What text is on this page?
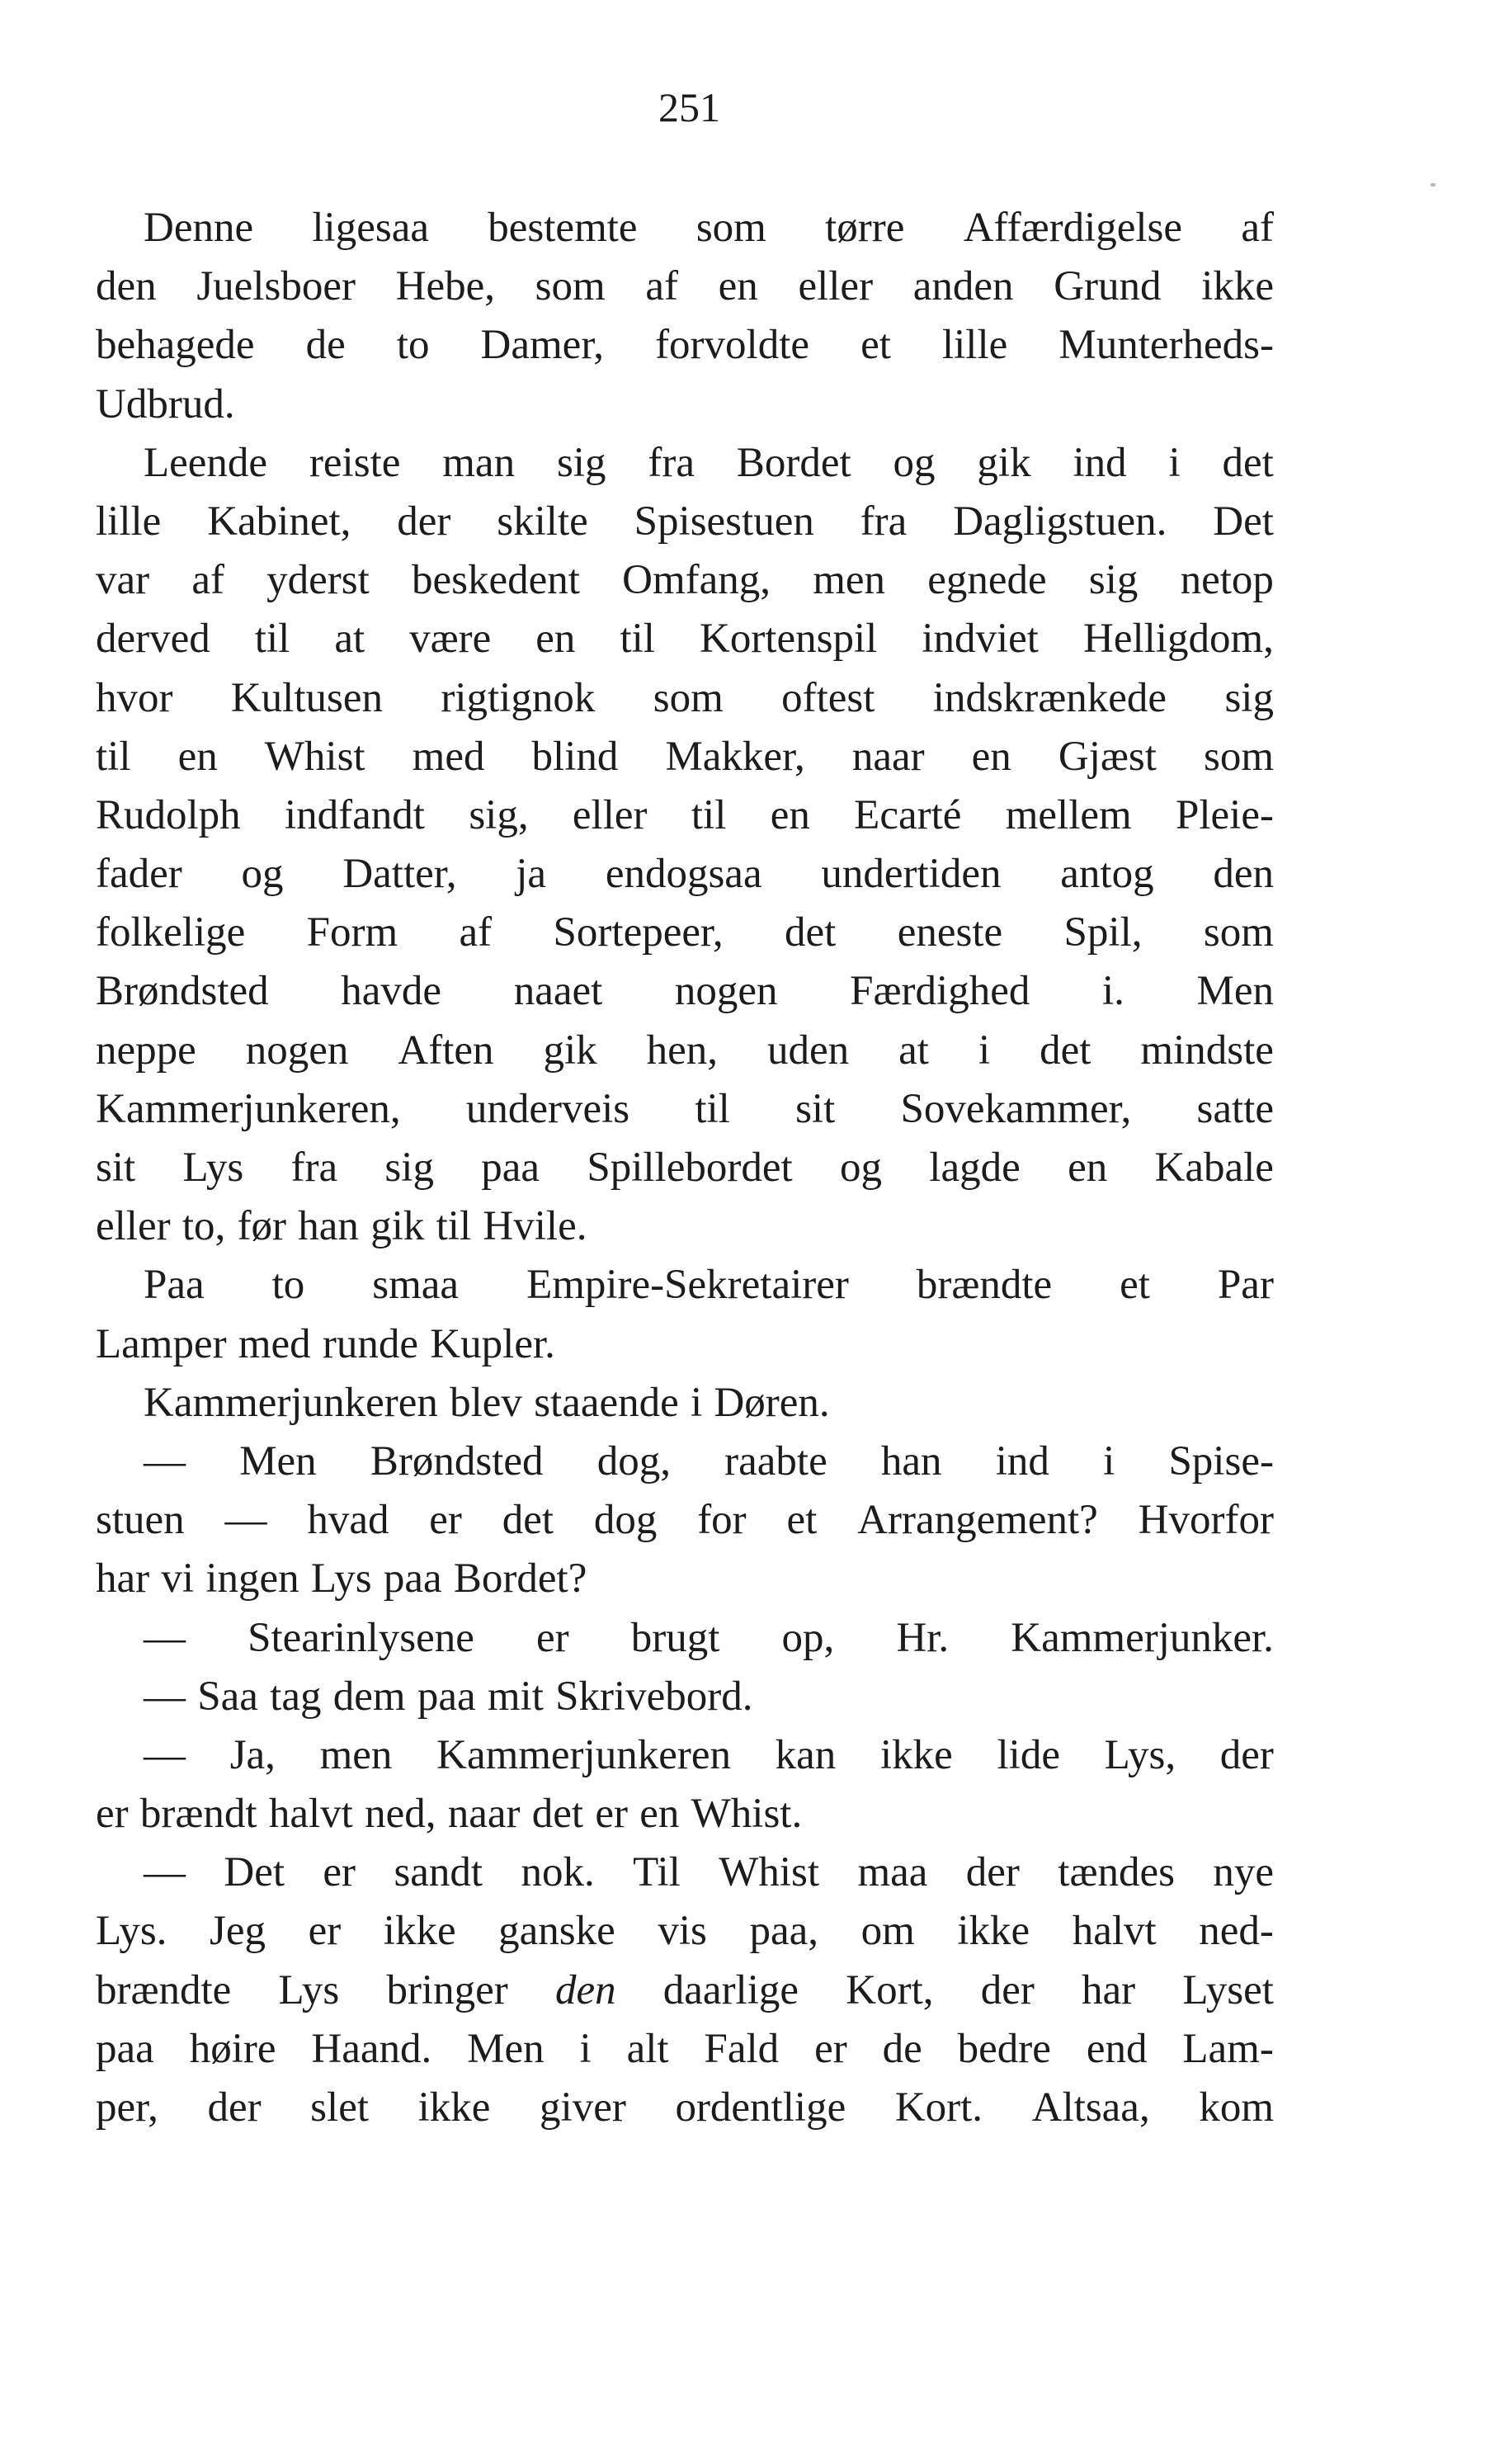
251
Denne ligesaa bestemte som tørre Affærdigelse af
den Juelsboer Hebe, som af en eller anden Grund ikke
behagede de to Damer, forvoldte et lille Munterheds-
Udbrud.
Leende reiste man sig fra Bordet og gik ind i det
lille Kabinet, der skilte Spisestuen fra Dagligstuen. Det
var af yderst beskedent Omfang, men egnede sig netop
derved til at være en til Kortenspil indviet Helligdom,
hvor Kultusen rigtignok som oftest indskrænkede sig
til en Whist med blind Makker, naar en Gjæst som
Rudolph indfandt sig, eller til en Ecarté mellem Pleie-
fader og Datter, ja endogsaa undertiden antog den
folkelige Form af Sortepeer, det eneste Spil, som
Brøndsted havde naaet nogen Færdighed i. Men
neppe nogen Aften gik hen, uden at i det mindste
Kammerjunkeren, underveis til sit Sovekammer, satte
sit Lys fra sig paa Spillebordet og lagde en Kabale
eller to, før han gik til Hvile.
Paa to smaa Empire-Sekretairer brændte et Par
Lamper med runde Kupler.
Kammerjunkeren blev staaende i Døren.
— Men Brøndsted dog, raabte han ind i Spise-
stuen — hvad er det dog for et Arrangement? Hvorfor
har vi ingen Lys paa Bordet?
— Stearinlysene er brugt op, Hr. Kammerjunker.
— Saa tag dem paa mit Skrivebord.
— Ja, men Kammerjunkeren kan ikke lide Lys, der
er brændt halvt ned, naar det er en Whist.
— Det er sandt nok. Til Whist maa der tændes nye
Lys. Jeg er ikke ganske vis paa, om ikke halvt ned-
brændte Lys bringer den daarlige Kort, der har Lyset
paa høire Haand. Men i alt Fald er de bedre end Lam-
per, der slet ikke giver ordentlige Kort. Altsaa, kom
